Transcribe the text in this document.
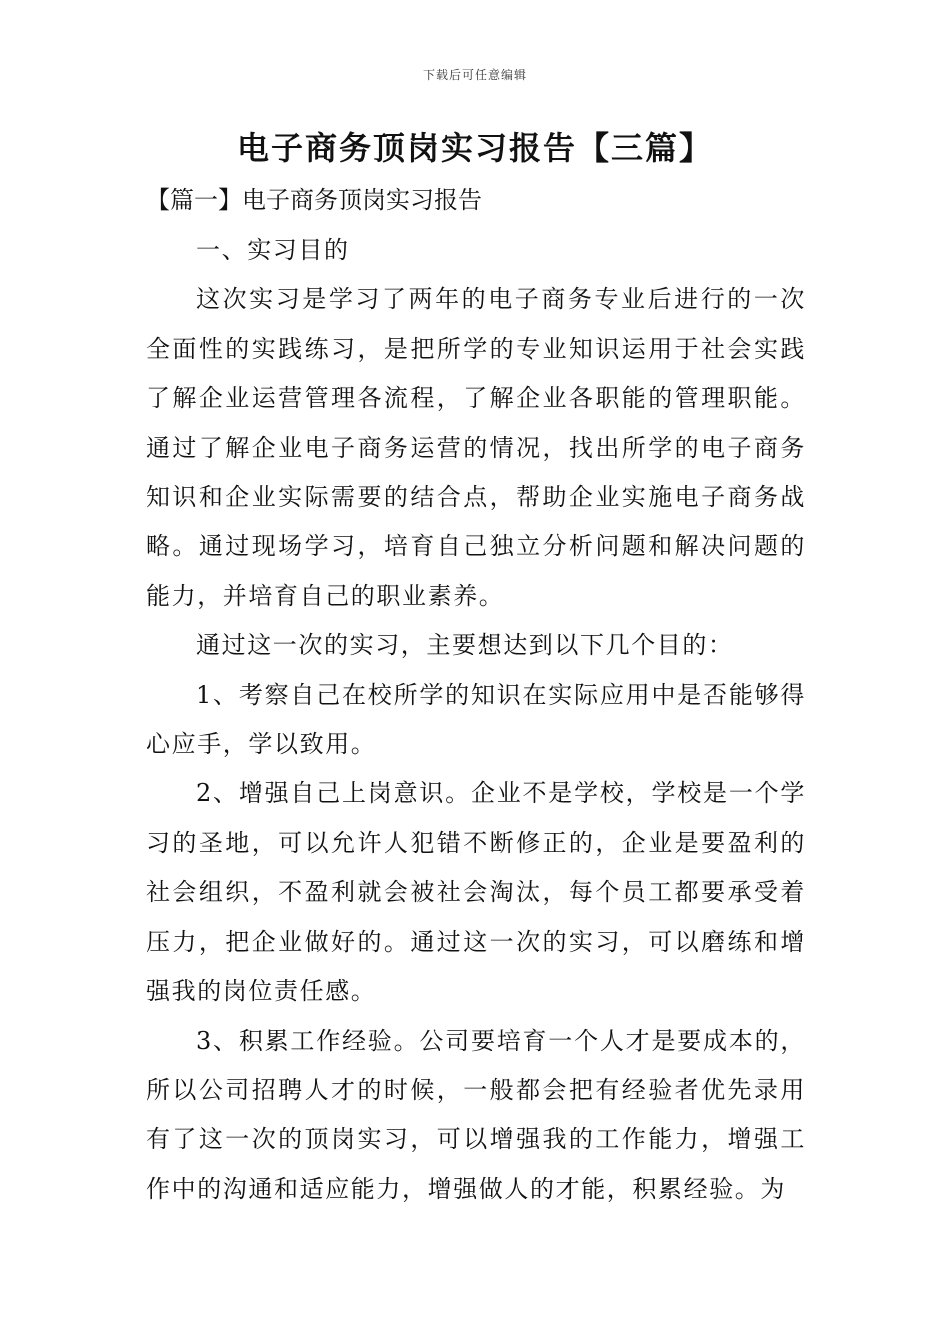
下载后可任意编辑
电子商务顶岗实习报告【三篇】
【篇一】电子商务顶岗实习报告

一、实习目的

这次实习是学习了两年的电子商务专业后进行的一次全面性的实践练习，是把所学的专业知识运用于社会实践了解企业运营管理各流程，了解企业各职能的管理职能。通过了解企业电子商务运营的情况，找出所学的电子商务知识和企业实际需要的结合点，帮助企业实施电子商务战略。通过现场学习，培育自己独立分析问题和解决问题的能力，并培育自己的职业素养。

通过这一次的实习，主要想达到以下几个目的：

1、考察自己在校所学的知识在实际应用中是否能够得心应手，学以致用。

2、增强自己上岗意识。企业不是学校，学校是一个学习的圣地，可以允许人犯错不断修正的，企业是要盈利的社会组织，不盈利就会被社会淘汰，每个员工都要承受着压力，把企业做好的。通过这一次的实习，可以磨练和增强我的岗位责任感。

3、积累工作经验。公司要培育一个人才是要成本的，所以公司招聘人才的时候，一般都会把有经验者优先录用有了这一次的顶岗实习，可以增强我的工作能力，增强工作中的沟通和适应能力，增强做人的才能，积累经验。为
